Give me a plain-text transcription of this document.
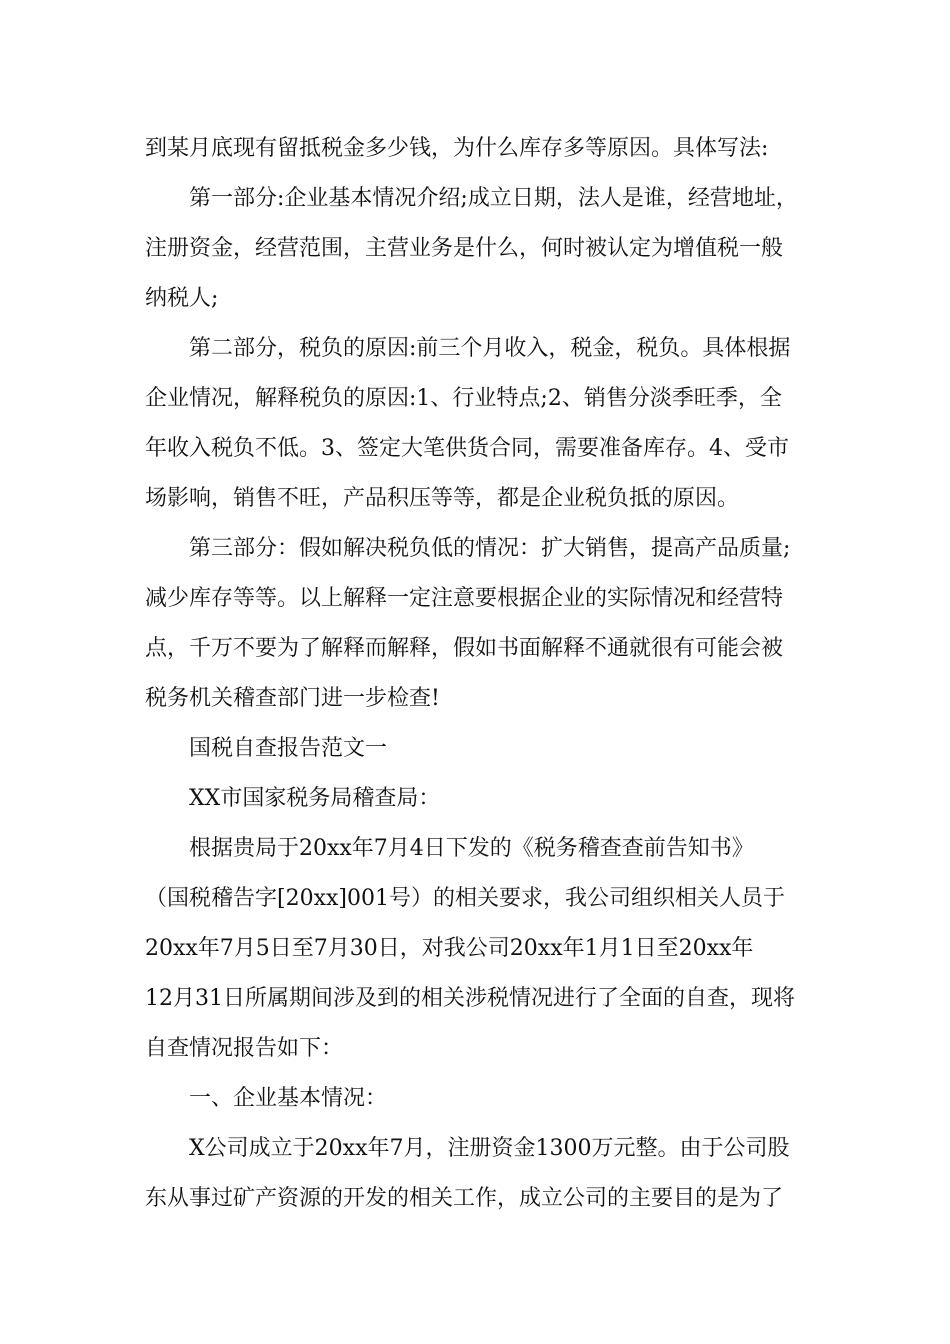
到某月底现有留抵税金多少钱，为什么库存多等原因。具体写法:
第一部分:企业基本情况介绍;成立日期，法人是谁，经营地址，
注册资金，经营范围，主营业务是什么，何时被认定为增值税一般
纳税人;
第二部分，税负的原因:前三个月收入，税金，税负。具体根据
企业情况，解释税负的原因:1、行业特点;2、销售分淡季旺季，全
年收入税负不低。3、签定大笔供货合同，需要准备库存。4、受市
场影响，销售不旺，产品积压等等，都是企业税负抵的原因。
第三部分：假如解决税负低的情况：扩大销售，提高产品质量;
减少库存等等。以上解释一定注意要根据企业的实际情况和经营特
点，千万不要为了解释而解释，假如书面解释不通就很有可能会被
税务机关稽查部门进一步检查!
国税自查报告范文一
XX市国家税务局稽查局：
根据贵局于20xx年7月4日下发的《税务稽查查前告知书》
（国税稽告字[20xx]001号）的相关要求，我公司组织相关人员于
20xx年7月5日至7月30日，对我公司20xx年1月1日至20xx年
12月31日所属期间涉及到的相关涉税情况进行了全面的自查，现将
自查情况报告如下：
一、企业基本情况：
X公司成立于20xx年7月，注册资金1300万元整。由于公司股
东从事过矿产资源的开发的相关工作，成立公司的主要目的是为了
